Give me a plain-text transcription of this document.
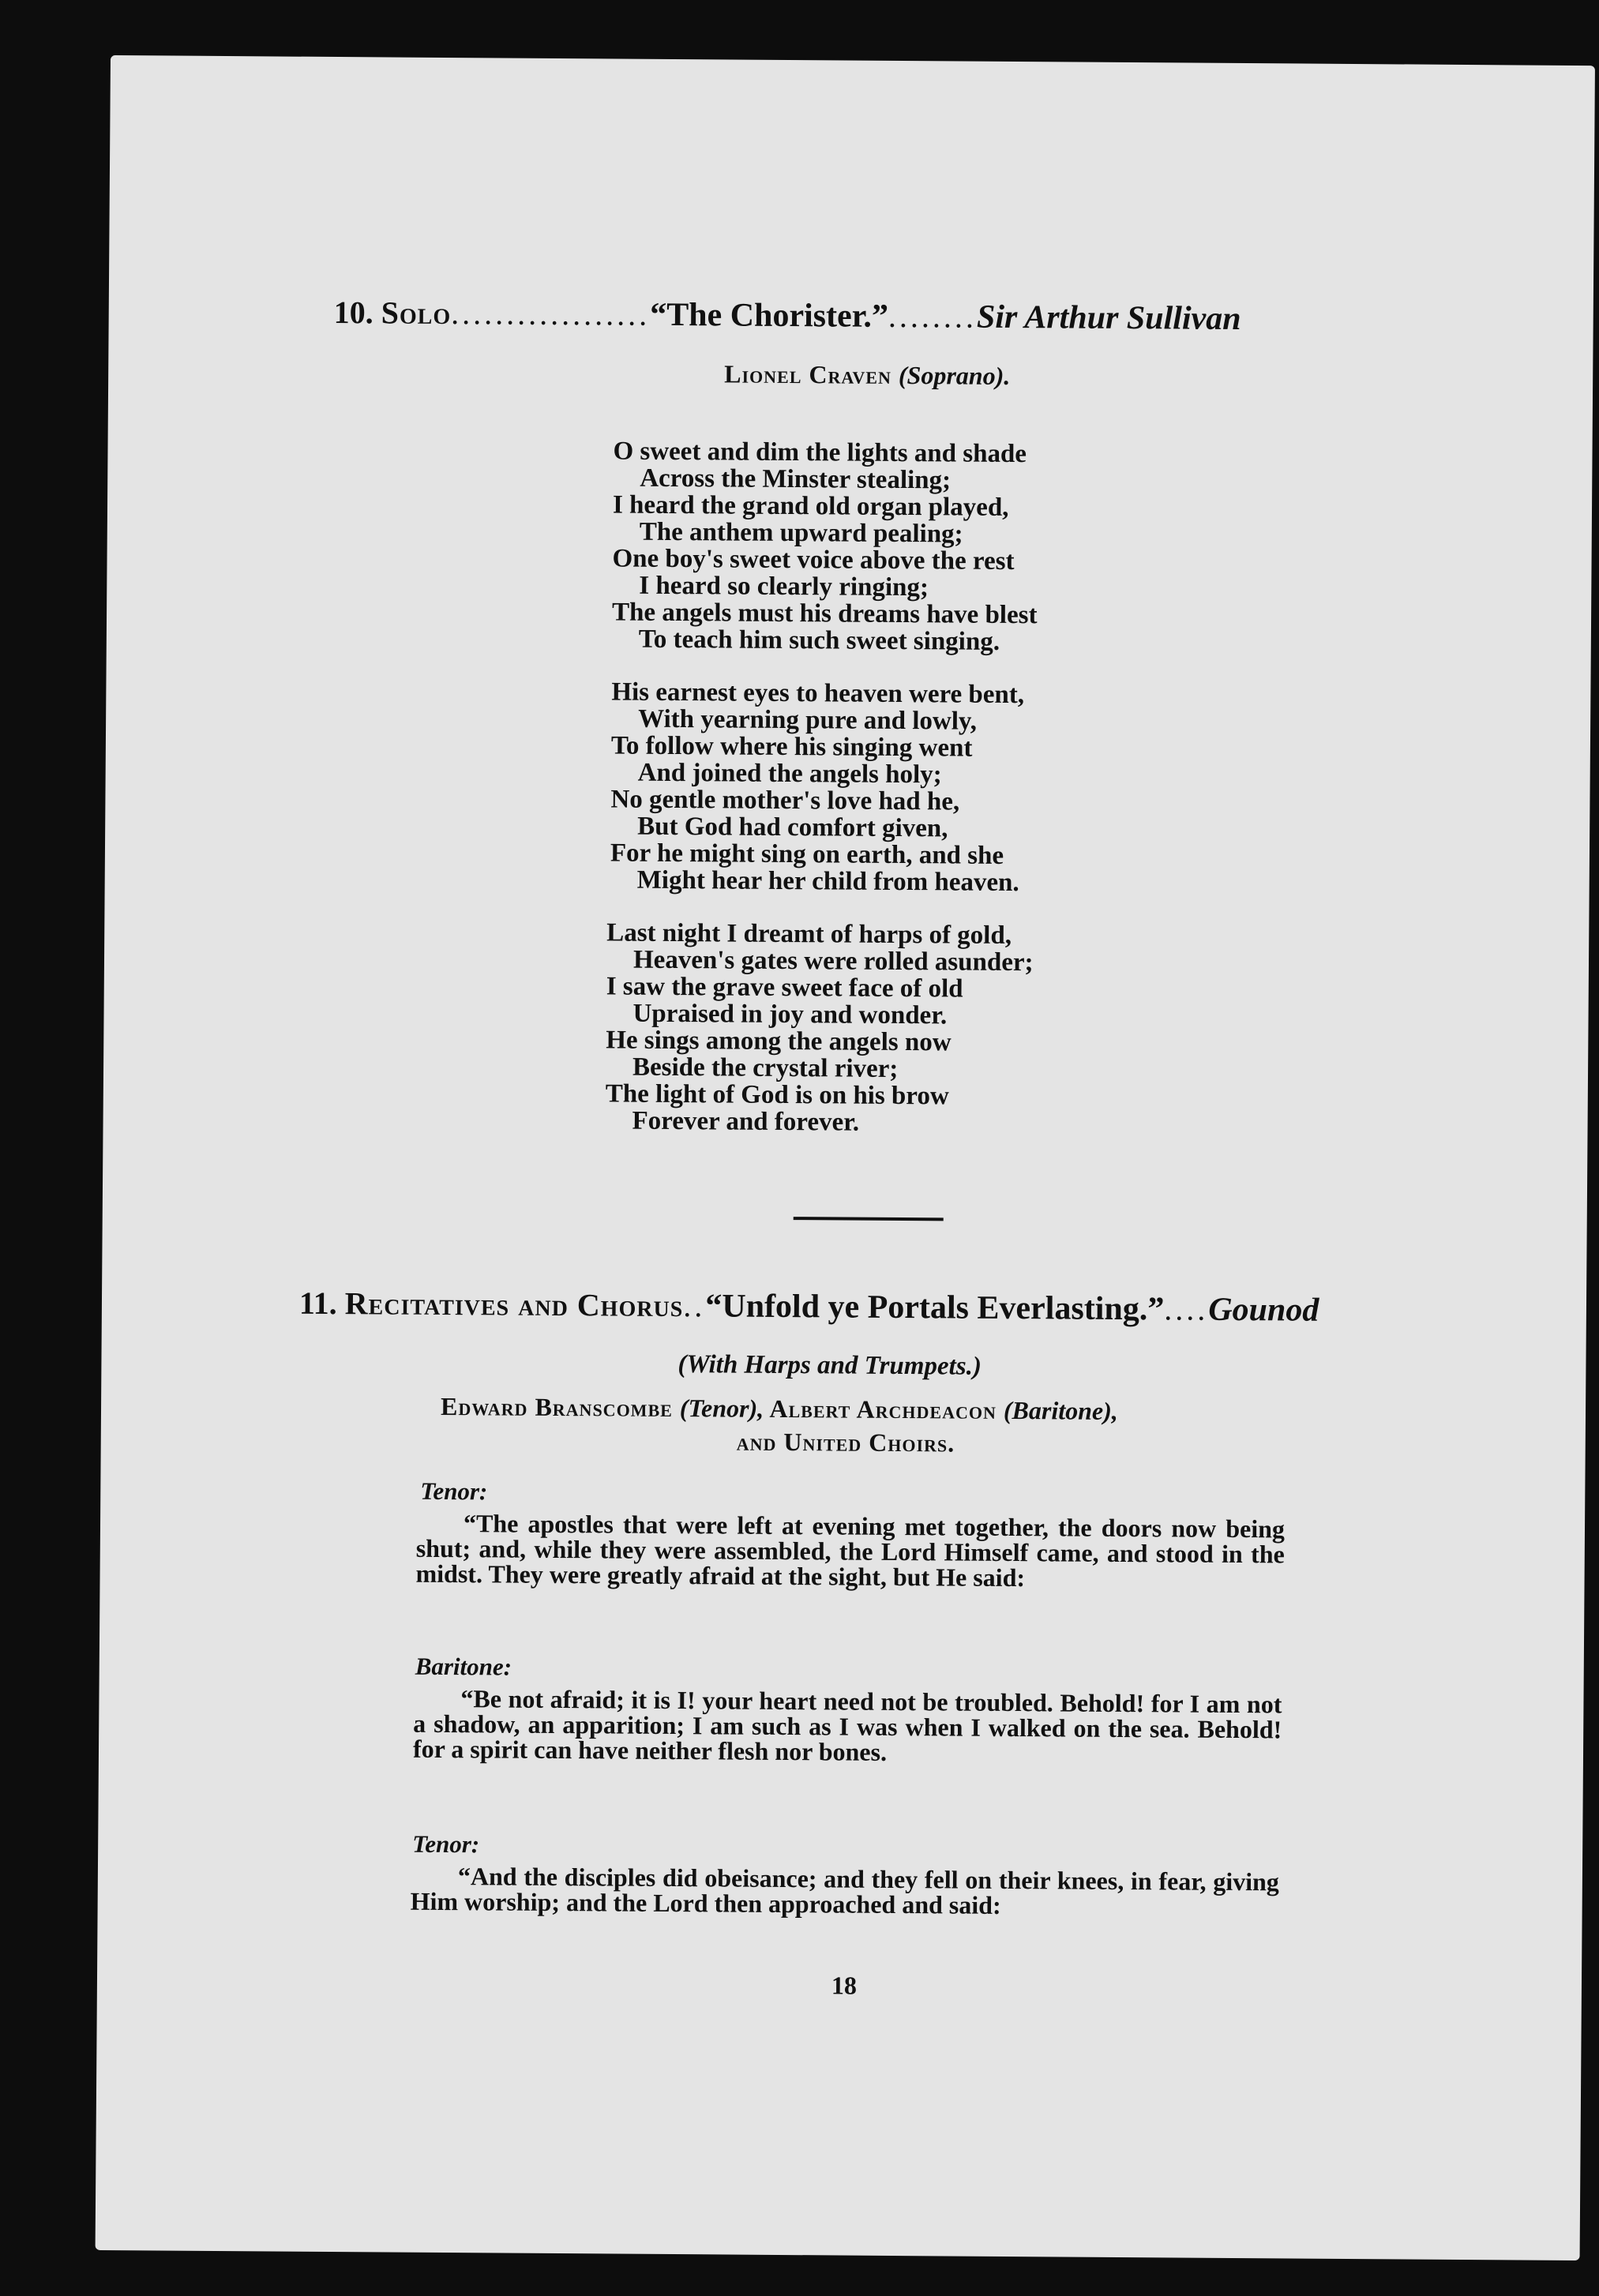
10. Solo..................“The Chorister.”........Sir Arthur Sullivan
Lionel Craven (Soprano).
O sweet and dim the lights and shade
Across the Minster stealing;
I heard the grand old organ played,
The anthem upward pealing;
One boy's sweet voice above the rest
I heard so clearly ringing;
The angels must his dreams have blest
To teach him such sweet singing.
His earnest eyes to heaven were bent,
With yearning pure and lowly,
To follow where his singing went
And joined the angels holy;
No gentle mother's love had he,
But God had comfort given,
For he might sing on earth, and she
Might hear her child from heaven.
Last night I dreamt of harps of gold,
Heaven's gates were rolled asunder;
I saw the grave sweet face of old
Upraised in joy and wonder.
He sings among the angels now
Beside the crystal river;
The light of God is on his brow
Forever and forever.
11. Recitatives and Chorus..“Unfold ye Portals Everlasting.”....Gounod
(With Harps and Trumpets.)
Edward Branscombe (Tenor), Albert Archdeacon (Baritone),
and United Choirs.
Tenor:
“The apostles that were left at evening met together, the doors now being shut; and, while they were assembled, the Lord Himself came, and stood in the midst. They were greatly afraid at the sight, but He said:
Baritone:
“Be not afraid; it is I! your heart need not be troubled. Behold! for I am not a shadow, an apparition; I am such as I was when I walked on the sea. Behold! for a spirit can have neither flesh nor bones.
Tenor:
“And the disciples did obeisance; and they fell on their knees, in fear, giving Him worship; and the Lord then approached and said:
18
